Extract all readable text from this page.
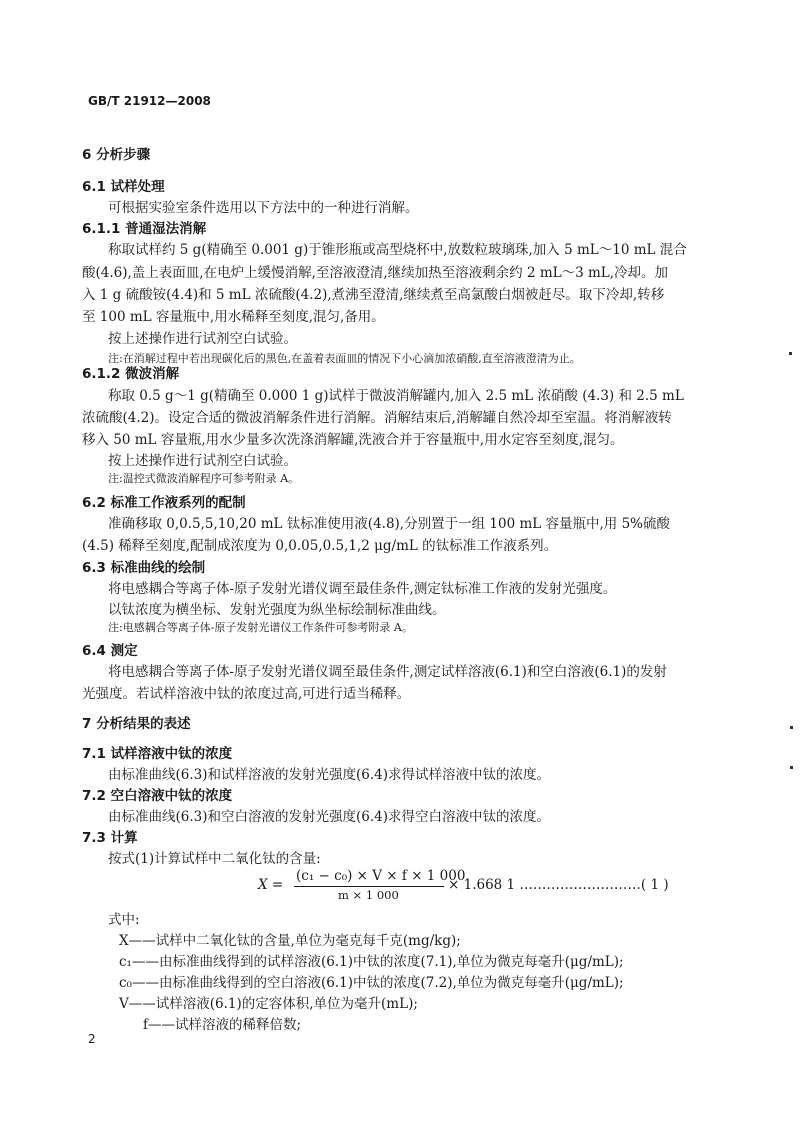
GB/T 21912—2008
6 分析步骤
6.1 试样处理
可根据实验室条件选用以下方法中的一种进行消解。
6.1.1 普通湿法消解
称取试样约 5 g(精确至 0.001 g)于锥形瓶或高型烧杯中,放数粒玻璃珠,加入 5 mL～10 mL 混合
酸(4.6),盖上表面皿,在电炉上缓慢消解,至溶液澄清,继续加热至溶液剩余约 2 mL～3 mL,冷却。加
入 1 g 硫酸铵(4.4)和 5 mL 浓硫酸(4.2),煮沸至澄清,继续煮至高氯酸白烟被赶尽。取下冷却,转移
至 100 mL 容量瓶中,用水稀释至刻度,混匀,备用。
按上述操作进行试剂空白试验。
注:在消解过程中若出现碳化后的黑色,在盖着表面皿的情况下小心滴加浓硝酸,直至溶液澄清为止。
6.1.2 微波消解
称取 0.5 g～1 g(精确至 0.000 1 g)试样于微波消解罐内,加入 2.5 mL 浓硝酸 (4.3) 和 2.5 mL
浓硫酸(4.2)。设定合适的微波消解条件进行消解。消解结束后,消解罐自然冷却至室温。将消解液转
移入 50 mL 容量瓶,用水少量多次洗涤消解罐,洗液合并于容量瓶中,用水定容至刻度,混匀。
按上述操作进行试剂空白试验。
注:温控式微波消解程序可参考附录 A。
6.2 标准工作液系列的配制
准确移取 0,0.5,5,10,20 mL 钛标准使用液(4.8),分别置于一组 100 mL 容量瓶中,用 5%硫酸
(4.5) 稀释至刻度,配制成浓度为 0,0.05,0.5,1,2 μg/mL 的钛标准工作液系列。
6.3 标准曲线的绘制
将电感耦合等离子体-原子发射光谱仪调至最佳条件,测定钛标准工作液的发射光强度。
以钛浓度为横坐标、发射光强度为纵坐标绘制标准曲线。
注:电感耦合等离子体-原子发射光谱仪工作条件可参考附录 A。
6.4 测定
将电感耦合等离子体-原子发射光谱仪调至最佳条件,测定试样溶液(6.1)和空白溶液(6.1)的发射
光强度。若试样溶液中钛的浓度过高,可进行适当稀释。
7 分析结果的表述
7.1 试样溶液中钛的浓度
由标准曲线(6.3)和试样溶液的发射光强度(6.4)求得试样溶液中钛的浓度。
7.2 空白溶液中钛的浓度
由标准曲线(6.3)和空白溶液的发射光强度(6.4)求得空白溶液中钛的浓度。
7.3 计算
按式(1)计算试样中二氧化钛的含量:
X =
(c₁ − c₀) × V × f × 1 000
m × 1 000
× 1.668 1 ………………………( 1 )
式中:
X——试样中二氧化钛的含量,单位为毫克每千克(mg/kg);
c₁——由标准曲线得到的试样溶液(6.1)中钛的浓度(7.1),单位为微克每毫升(μg/mL);
c₀——由标准曲线得到的空白溶液(6.1)中钛的浓度(7.2),单位为微克每毫升(μg/mL);
V——试样溶液(6.1)的定容体积,单位为毫升(mL);
f——试样溶液的稀释倍数;
2
